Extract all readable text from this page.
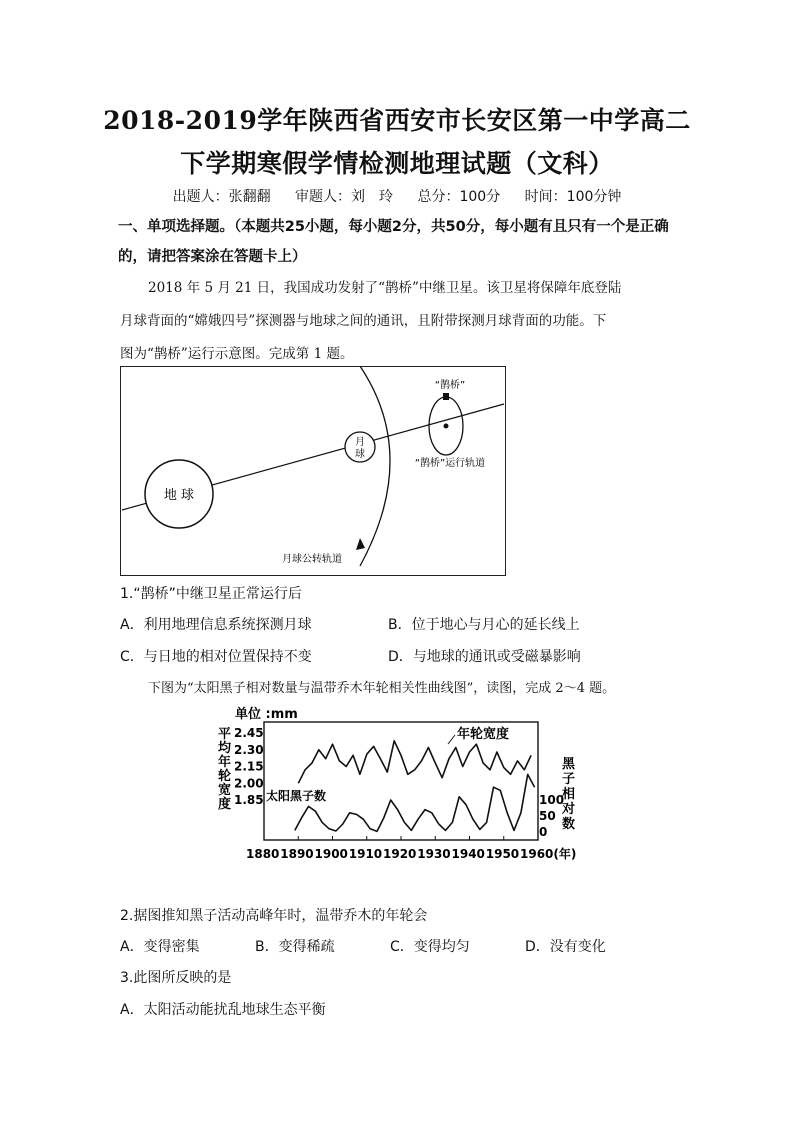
2018-2019学年陕西省西安市长安区第一中学高二
下学期寒假学情检测地理试题（文科）
出题人：张翻翻 审题人：刘　玲 总分：100分 时间：100分钟
一、单项选择题。（本题共25小题，每小题2分，共50分，每小题有且只有一个是正确
的，请把答案涂在答题卡上）
2018 年 5 月 21 日，我国成功发射了“鹊桥”中继卫星。该卫星将保障年底登陆
月球背面的“嫦娥四号”探测器与地球之间的通讯，且附带探测月球背面的功能。下
图为“鹊桥”运行示意图。完成第 1 题。
地 球
月
球
“鹊桥”
“鹊桥”运行轨道
月球公转轨道
1.“鹊桥”中继卫星正常运行后
A．利用地理信息系统探测月球	B．位于地心与月心的延长线上
C．与日地的相对位置保持不变	D．与地球的通讯或受磁暴影响
下图为“太阳黑子相对数量与温带乔木年轮相关性曲线图”，读图，完成 2～4 题。
单位 :mm
平
均
年
轮
宽
度
2.45
2.30
2.15
2.00
1.85
黑
子
相
对
数
100
50
0
1880 1890 1900 1910 1920 1930 1940 1950 1960(年)
年轮宽度
太阳黑子数
2.据图推知黑子活动高峰年时，温带乔木的年轮会
A．变得密集	B．变得稀疏	C．变得均匀	D．没有变化
3.此图所反映的是
A．太阳活动能扰乱地球生态平衡
